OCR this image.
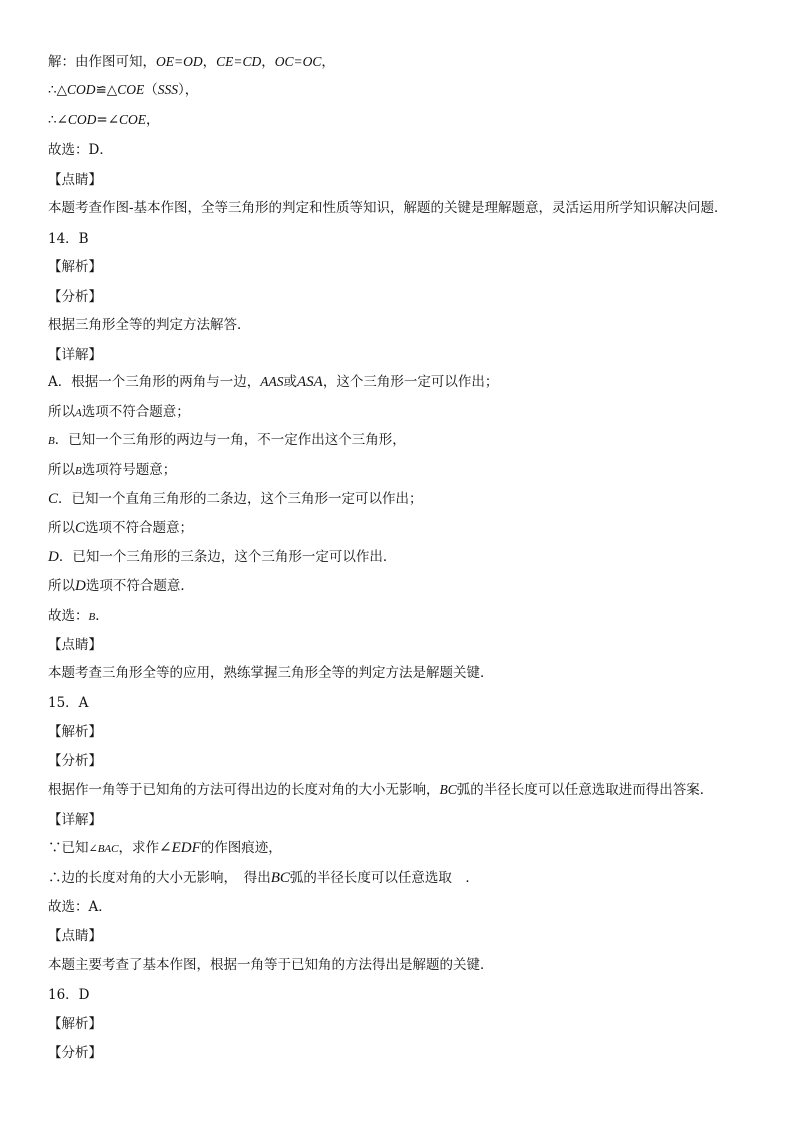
解：由作图可知，OE=OD，CE=CD，OC=OC，
∴△COD≌△COE（SSS），
∴∠COD=∠COE，
故选：D．
【点睛】
本题考查作图-基本作图，全等三角形的判定和性质等知识，解题的关键是理解题意，灵活运用所学知识解决问题．
14．B
【解析】
【分析】
根据三角形全等的判定方法解答．
【详解】
A．根据一个三角形的两角与一边，AAS或ASA，这个三角形一定可以作出；
所以A选项不符合题意；
B．已知一个三角形的两边与一角，不一定作出这个三角形，
所以B选项符号题意；
C．已知一个直角三角形的二条边，这个三角形一定可以作出；
所以C选项不符合题意；
D．已知一个三角形的三条边，这个三角形一定可以作出．
所以D选项不符合题意．
故选：B．
【点睛】
本题考查三角形全等的应用，熟练掌握三角形全等的判定方法是解题关键．
15．A
【解析】
【分析】
根据作一角等于已知角的方法可得出边的长度对角的大小无影响，BC弧的半径长度可以任意选取进而得出答案．
【详解】
∵已知∠BAC，求作∠EDF的作图痕迹，
∴边的长度对角的大小无影响，　得出BC弧的半径长度可以任意选取　．
故选：A．
【点睛】
本题主要考查了基本作图，根据一角等于已知角的方法得出是解题的关键．
16．D
【解析】
【分析】
